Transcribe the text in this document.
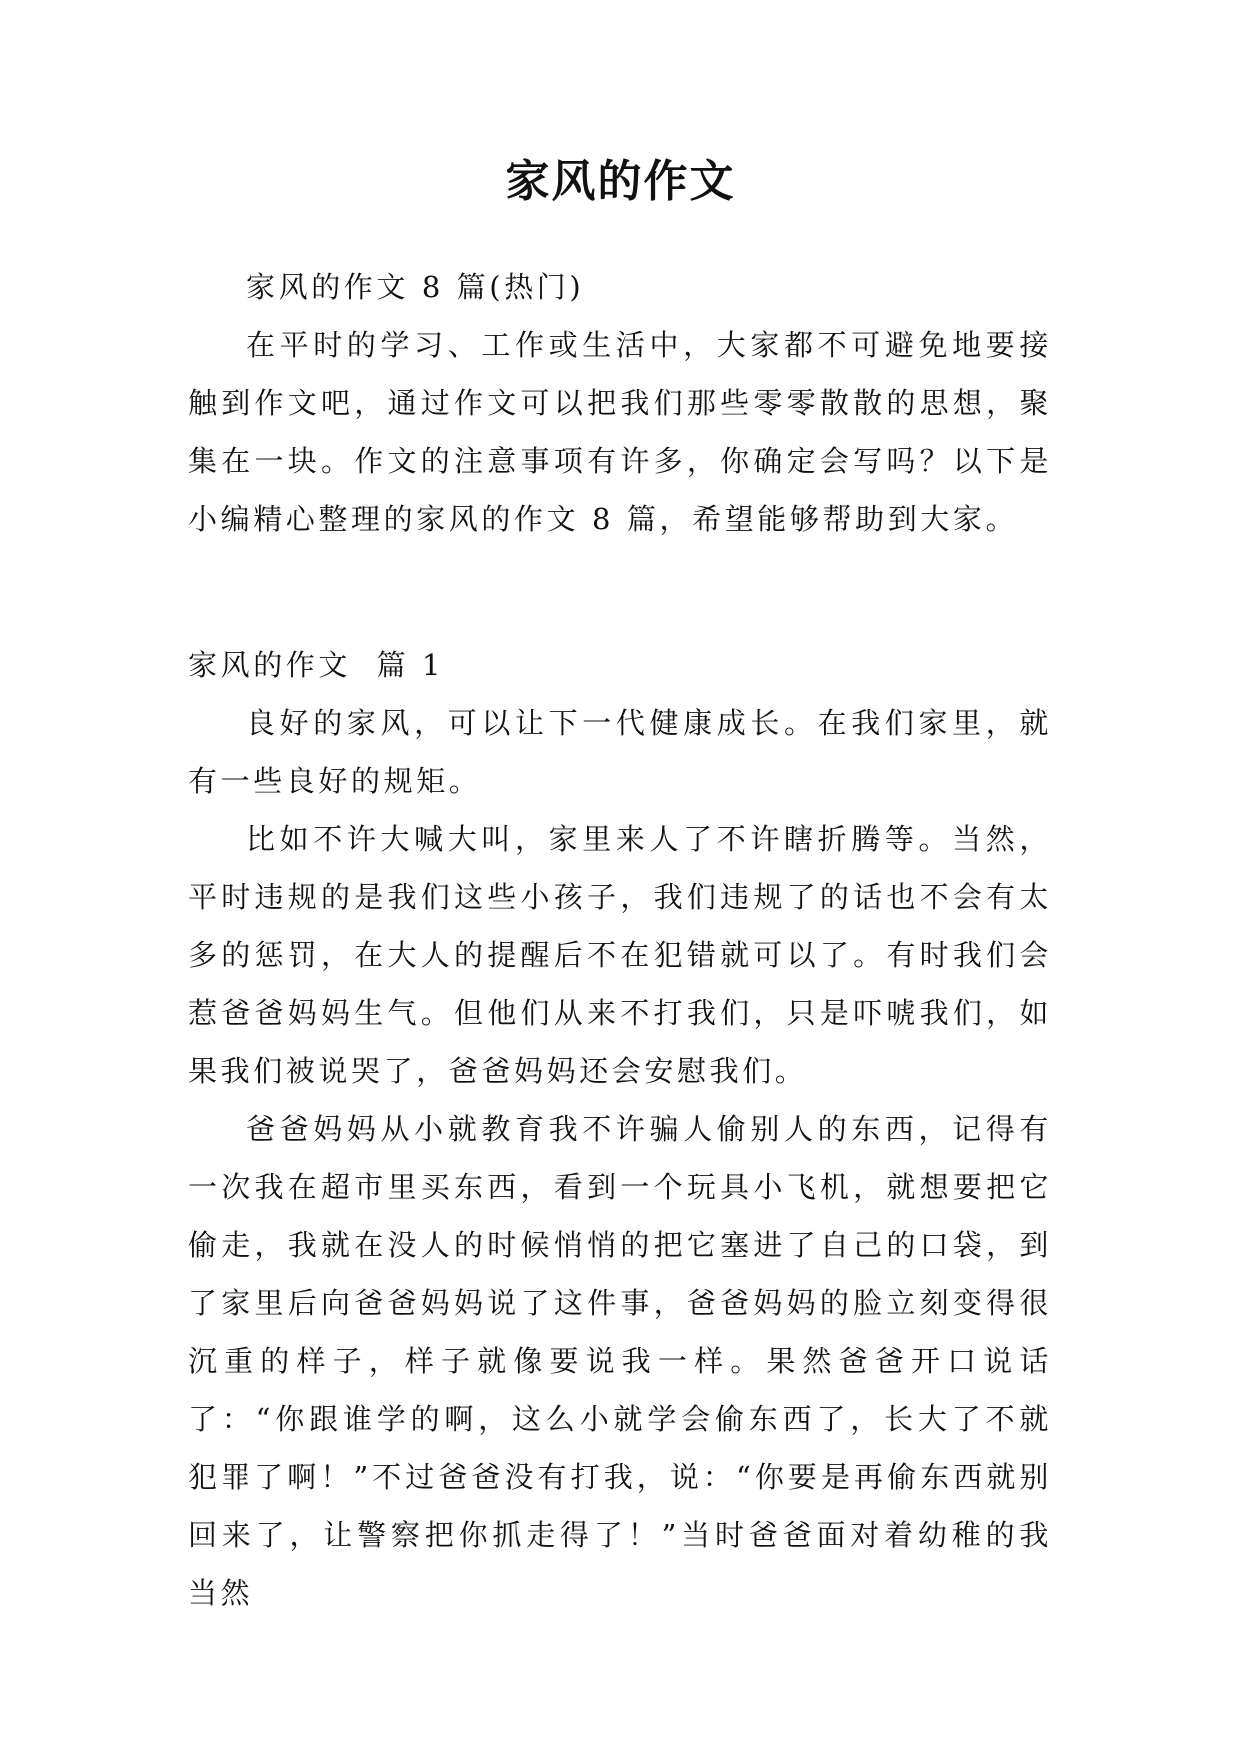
家风的作文

家风的作文 8 篇(热门)

在平时的学习、工作或生活中，大家都不可避免地要接触到作文吧，通过作文可以把我们那些零零散散的思想，聚集在一块。作文的注意事项有许多，你确定会写吗？以下是小编精心整理的家风的作文 8 篇，希望能够帮助到大家。

家风的作文  篇 1

良好的家风，可以让下一代健康成长。在我们家里，就有一些良好的规矩。

比如不许大喊大叫，家里来人了不许瞎折腾等。当然，平时违规的是我们这些小孩子，我们违规了的话也不会有太多的惩罚，在大人的提醒后不在犯错就可以了。有时我们会惹爸爸妈妈生气。但他们从来不打我们，只是吓唬我们，如果我们被说哭了，爸爸妈妈还会安慰我们。

爸爸妈妈从小就教育我不许骗人偷别人的东西，记得有一次我在超市里买东西，看到一个玩具小飞机，就想要把它偷走，我就在没人的时候悄悄的把它塞进了自己的口袋，到了家里后向爸爸妈妈说了这件事，爸爸妈妈的脸立刻变得很沉重的样子，样子就像要说我一样。果然爸爸开口说话了：“你跟谁学的啊，这么小就学会偷东西了，长大了不就犯罪了啊！”不过爸爸没有打我，说：“你要是再偷东西就别回来了，让警察把你抓走得了！”当时爸爸面对着幼稚的我当然
